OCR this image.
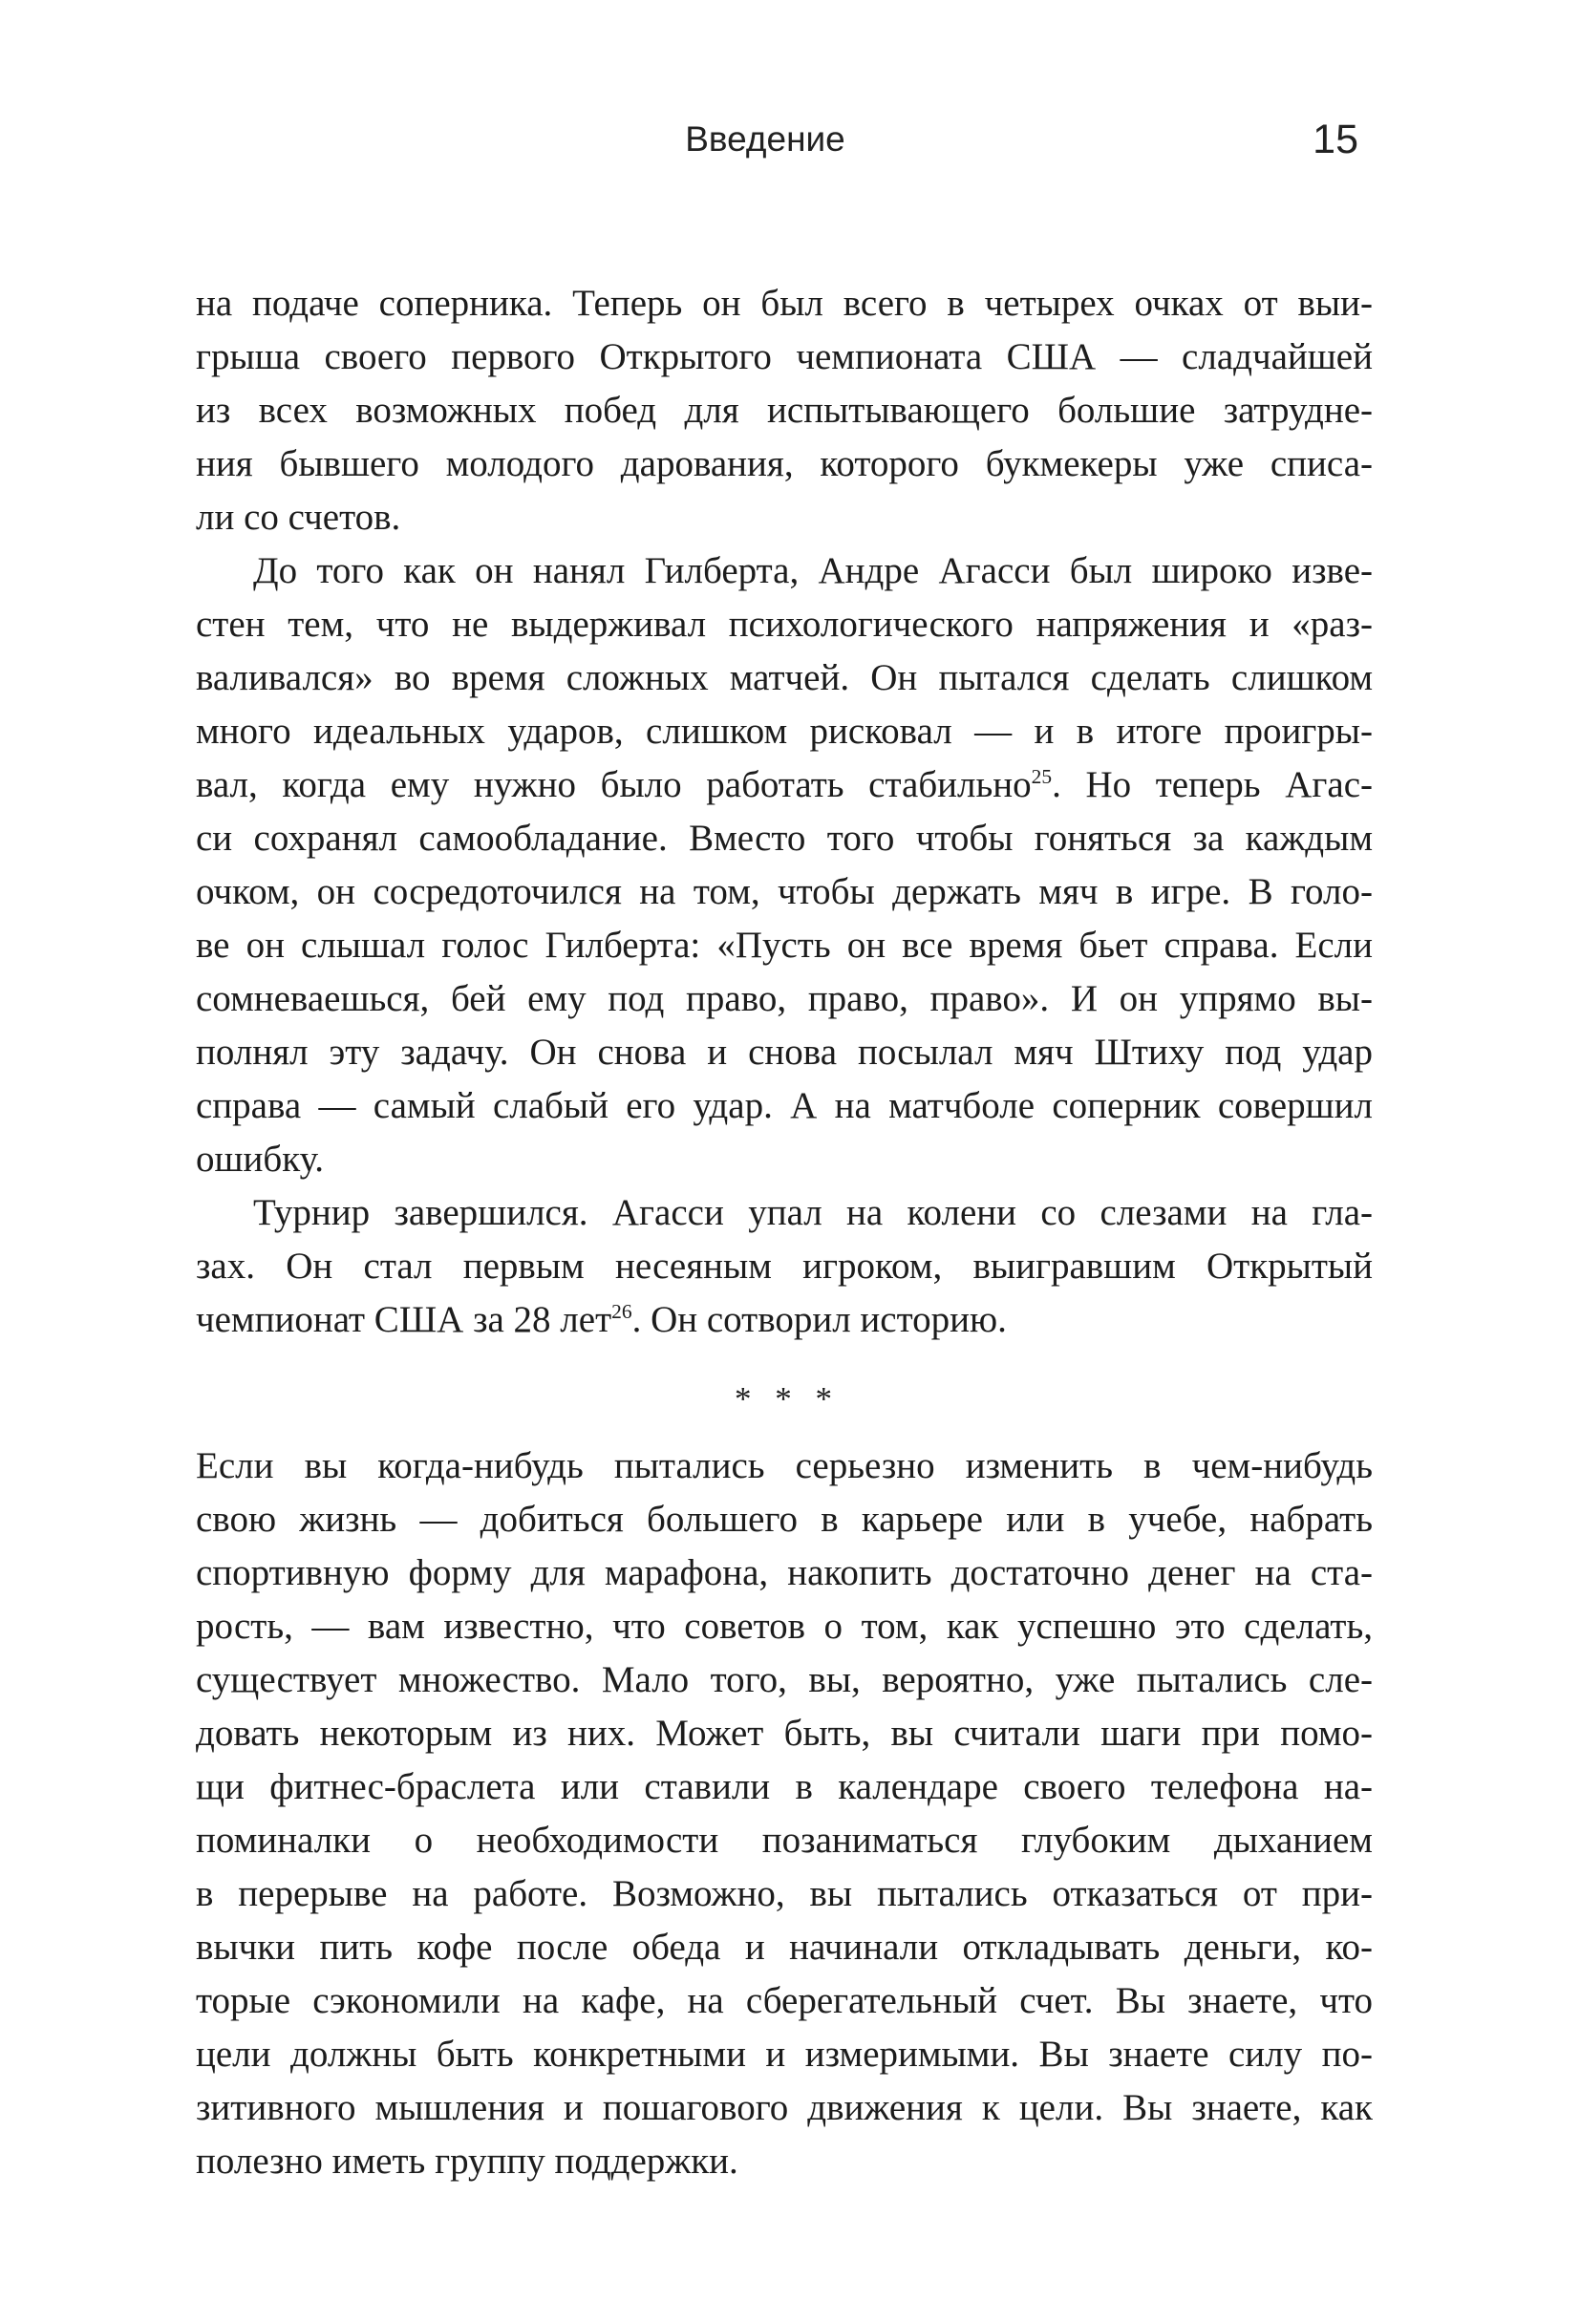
Введение	15
на подаче соперника. Теперь он был всего в четырех очках от выи-
грыша своего первого Открытого чемпионата США — сладчайшей
из всех возможных побед для испытывающего большие затрудне-
ния бывшего молодого дарования, которого букмекеры уже списа-
ли со счетов.
До того как он нанял Гилберта, Андре Агасси был широко изве-
стен тем, что не выдерживал психологического напряжения и «раз-
валивался» во время сложных матчей. Он пытался сделать слишком
много идеальных ударов, слишком рисковал — и в итоге проигры-
вал, когда ему нужно было работать стабильно$^{25}$. Но теперь Агас-
си сохранял самообладание. Вместо того чтобы гоняться за каждым
очком, он сосредоточился на том, чтобы держать мяч в игре. В голо-
ве он слышал голос Гилберта: «Пусть он все время бьет справа. Если
сомневаешься, бей ему под право, право, право». И он упрямо вы-
полнял эту задачу. Он снова и снова посылал мяч Штиху под удар
справа — самый слабый его удар. А на матчболе соперник совершил
ошибку.
Турнир завершился. Агасси упал на колени со слезами на гла-
зах. Он стал первым несеяным игроком, выигравшим Открытый
чемпионат США за 28 лет$^{26}$. Он сотворил историю.
* * *
Если вы когда-нибудь пытались серьезно изменить в чем-нибудь
свою жизнь — добиться большего в карьере или в учебе, набрать
спортивную форму для марафона, накопить достаточно денег на ста-
рость, — вам известно, что советов о том, как успешно это сделать,
существует множество. Мало того, вы, вероятно, уже пытались сле-
довать некоторым из них. Может быть, вы считали шаги при помо-
щи фитнес-браслета или ставили в календаре своего телефона на-
поминалки о необходимости позаниматься глубоким дыханием
в перерыве на работе. Возможно, вы пытались отказаться от при-
вычки пить кофе после обеда и начинали откладывать деньги, ко-
торые сэкономили на кафе, на сберегательный счет. Вы знаете, что
цели должны быть конкретными и измеримыми. Вы знаете силу по-
зитивного мышления и пошагового движения к цели. Вы знаете, как
полезно иметь группу поддержки.
